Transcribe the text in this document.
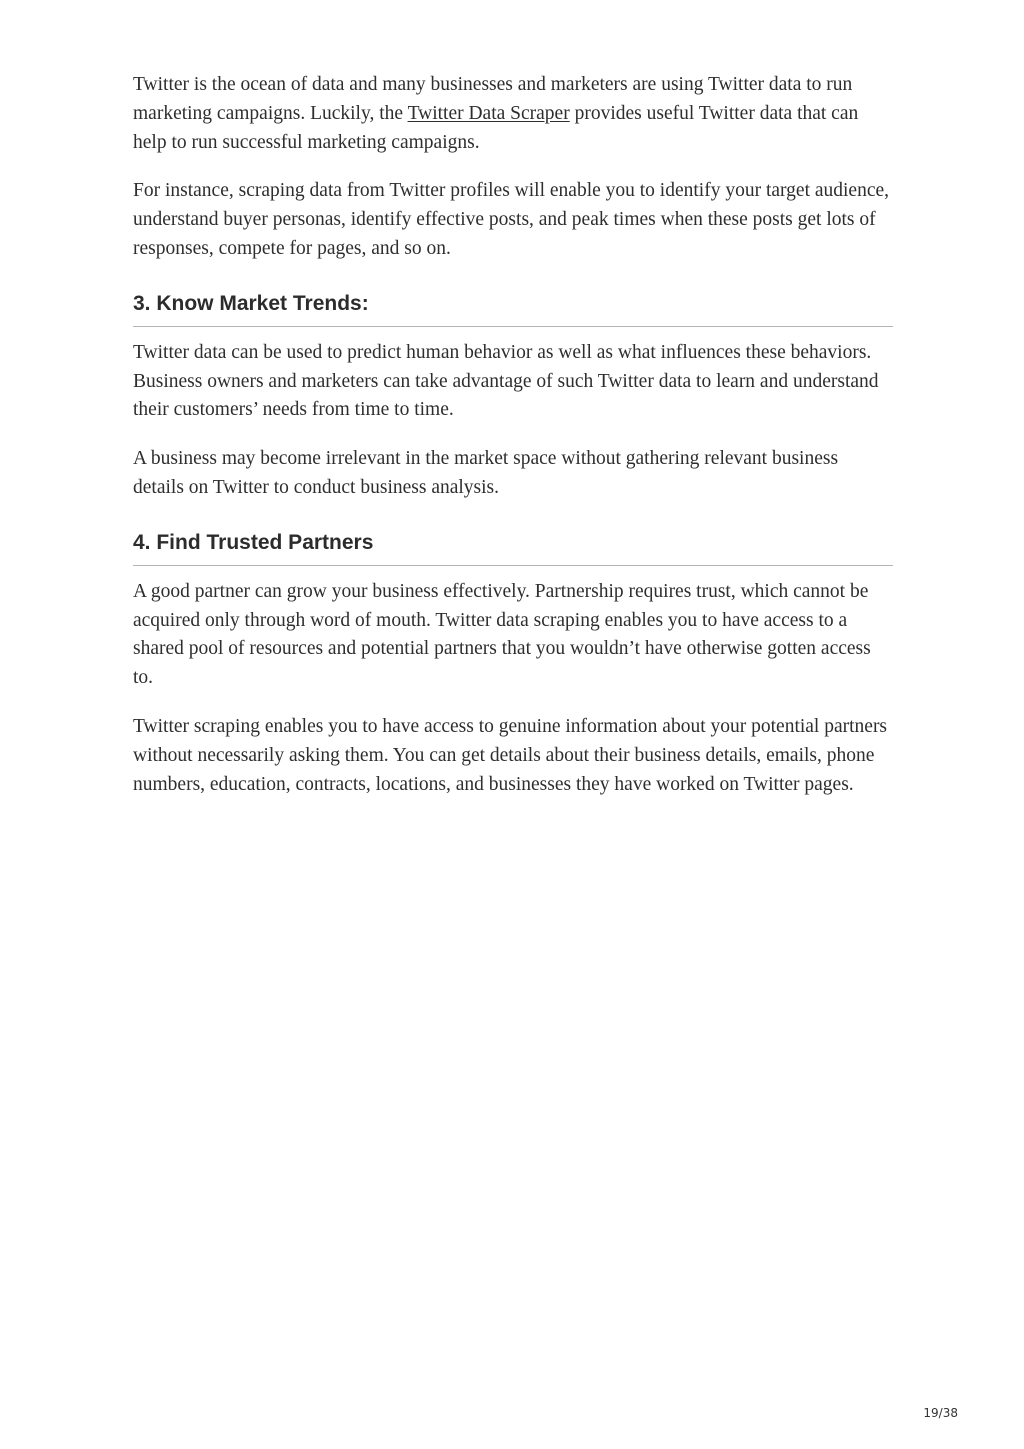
Twitter is the ocean of data and many businesses and marketers are using Twitter data to run marketing campaigns. Luckily, the Twitter Data Scraper provides useful Twitter data that can help to run successful marketing campaigns.

For instance, scraping data from Twitter profiles will enable you to identify your target audience, understand buyer personas, identify effective posts, and peak times when these posts get lots of responses, compete for pages, and so on.

3. Know Market Trends:

Twitter data can be used to predict human behavior as well as what influences these behaviors. Business owners and marketers can take advantage of such Twitter data to learn and understand their customers’ needs from time to time.

A business may become irrelevant in the market space without gathering relevant business details on Twitter to conduct business analysis.

4. Find Trusted Partners

A good partner can grow your business effectively. Partnership requires trust, which cannot be acquired only through word of mouth. Twitter data scraping enables you to have access to a shared pool of resources and potential partners that you wouldn’t have otherwise gotten access to.

Twitter scraping enables you to have access to genuine information about your potential partners without necessarily asking them. You can get details about their business details, emails, phone numbers, education, contracts, locations, and businesses they have worked on Twitter pages.

19/38
